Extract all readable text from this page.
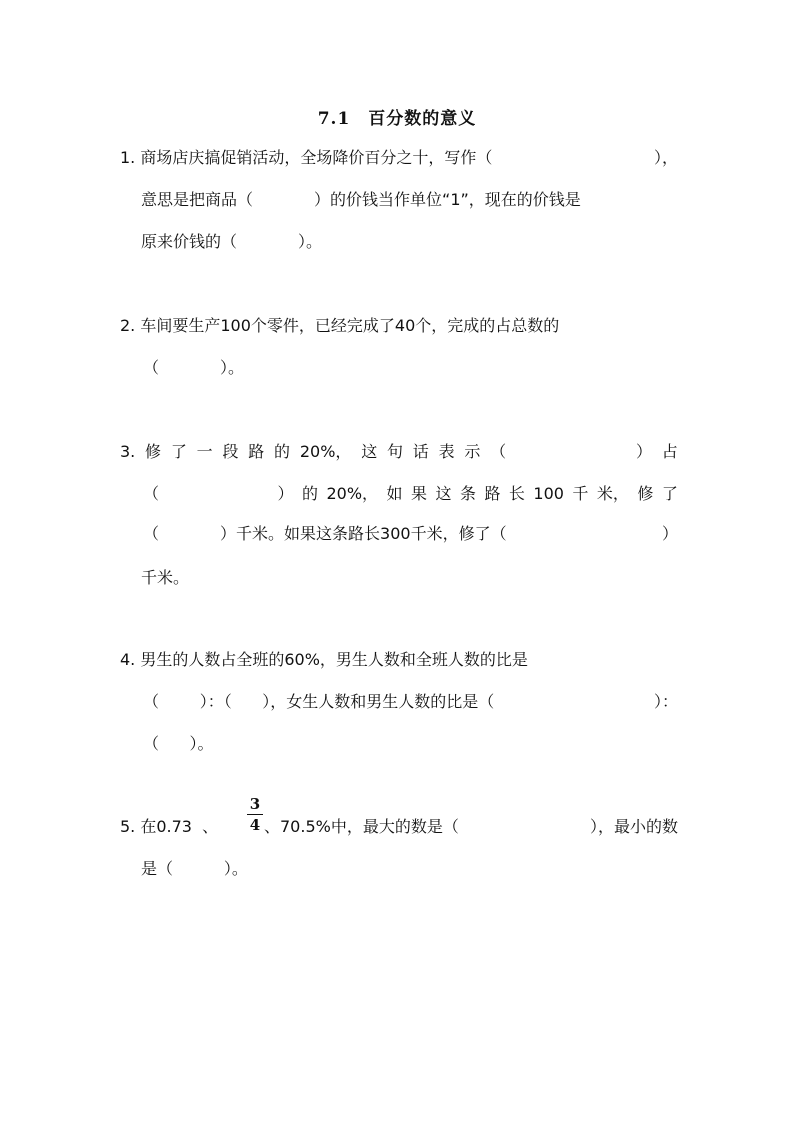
7.1 百分数的意义
1. 商场店庆搞促销活动，全场降价百分之十，写作（	），
意思是把商品（            ）的价钱当作单位“1”，现在的价钱是
原来价钱的（            ）。
2. 车间要生产100个零件，已经完成了40个，完成的占总数的
（            ）。
3. 修 了 一 段 路 的 20%， 这 句 话 表 示 （	） 占
（	） 的 20%， 如 果 这 条 路 长 100 千 米， 修 了
（            ）千米。如果这条路长300千米，修了（	）
千米。
4. 男生的人数占全班的60%，男生人数和全班人数的比是
（        ）：（      ），女生人数和男生人数的比是（	）：
（      ）。
5. 在0.73  、 $\frac{3}{4}$ 、70.5%中，最大的数是（	），最小的数
是（          ）。
